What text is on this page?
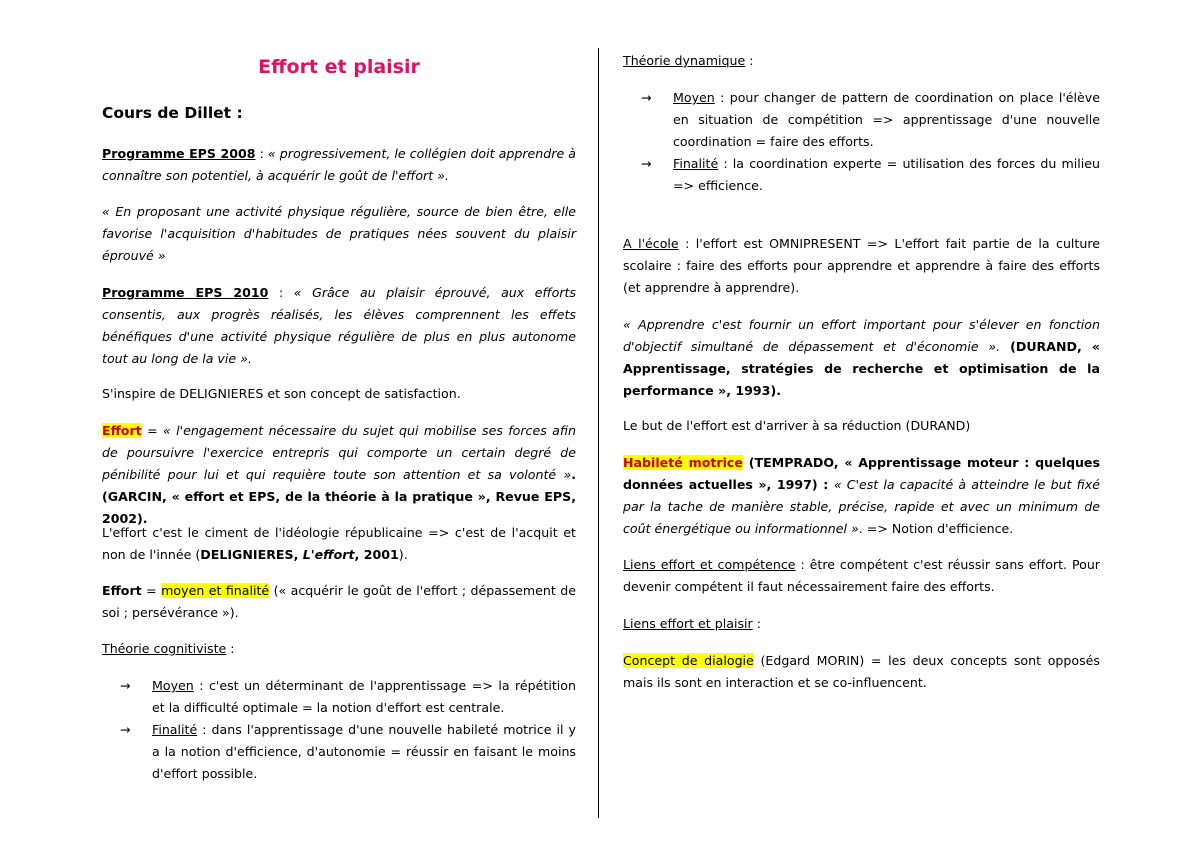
Effort et plaisir

Cours de Dillet :

Programme EPS 2008 : « progressivement, le collégien doit apprendre à connaître son potentiel, à acquérir le goût de l'effort ».

« En proposant une activité physique régulière, source de bien être, elle favorise l'acquisition d'habitudes de pratiques nées souvent du plaisir éprouvé »

Programme EPS 2010 : « Grâce au plaisir éprouvé, aux efforts consentis, aux progrès réalisés, les élèves comprennent les effets bénéfiques d'une activité physique régulière de plus en plus autonome tout au long de la vie ».

S'inspire de DELIGNIERES et son concept de satisfaction.

Effort = « l'engagement nécessaire du sujet qui mobilise ses forces afin de poursuivre l'exercice entrepris qui comporte un certain degré de pénibilité pour lui et qui requière toute son attention et sa volonté ». (GARCIN, « effort et EPS, de la théorie à la pratique », Revue EPS, 2002).

L'effort c'est le ciment de l'idéologie républicaine => c'est de l'acquit et non de l'innée (DELIGNIERES, L'effort, 2001).

Effort = moyen et finalité (« acquérir le goût de l'effort ; dépassement de soi ; persévérance »).

Théorie cognitiviste :

→	Moyen : c'est un déterminant de l'apprentissage => la répétition et la difficulté optimale = la notion d'effort est centrale.
→	Finalité : dans l'apprentissage d'une nouvelle habileté motrice il y a la notion d'efficience, d'autonomie = réussir en faisant le moins d'effort possible.

Théorie dynamique :

→	Moyen : pour changer de pattern de coordination on place l'élève en situation de compétition => apprentissage d'une nouvelle coordination = faire des efforts.
→	Finalité : la coordination experte = utilisation des forces du milieu => efficience.

A l'école : l'effort est OMNIPRESENT => L'effort fait partie de la culture scolaire : faire des efforts pour apprendre et apprendre à faire des efforts (et apprendre à apprendre).

« Apprendre c'est fournir un effort important pour s'élever en fonction d'objectif simultané de dépassement et d'économie ». (DURAND, « Apprentissage, stratégies de recherche et optimisation de la performance », 1993).

Le but de l'effort est d'arriver à sa réduction (DURAND)

Habileté motrice (TEMPRADO, « Apprentissage moteur : quelques données actuelles », 1997) : « C'est la capacité à atteindre le but fixé par la tache de manière stable, précise, rapide et avec un minimum de coût énergétique ou informationnel ». => Notion d'efficience.

Liens effort et compétence : être compétent c'est réussir sans effort. Pour devenir compétent il faut nécessairement faire des efforts.

Liens effort et plaisir :

Concept de dialogie (Edgard MORIN) = les deux concepts sont opposés mais ils sont en interaction et se co-influencent.
